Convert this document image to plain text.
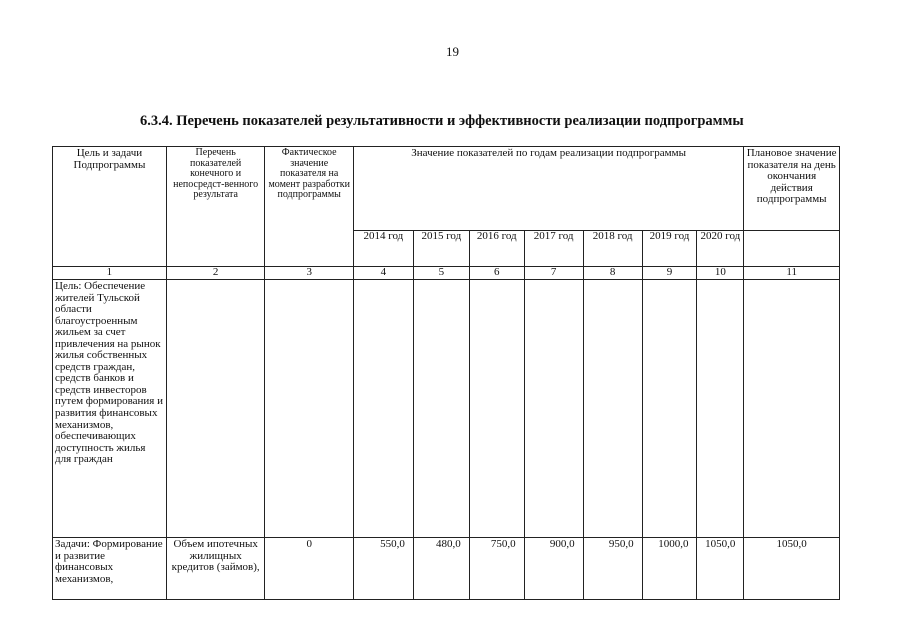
19
6.3.4. Перечень показателей результативности и эффективности реализации подпрограммы
Цель и задачи Подпрограммы	Перечень показателей конечного и непосредст-венного результата	Фактическое значение показателя на момент разработки подпрограммы	Значение показателей по годам реализации подпрограммы							Плановое значение показателя на день окончания действия подпрограммы
			2014 год	2015 год	2016 год	2017 год	2018 год	2019 год	2020 год	
1	2	3	4	5	6	7	8	9	10	11
Цель: Обеспечение жителей Тульской области благоустроенным жильем за счет привлечения на рынок жилья собственных средств граждан, средств банков и средств инвесторов путем формирования и развития финансовых механизмов, обеспечивающих доступность жилья для граждан										
Задачи: Формирование и развитие финансовых механизмов,	Объем ипотечных жилищных кредитов (займов),	0	550,0	480,0	750,0	900,0	950,0	1000,0	1050,0	1050,0
